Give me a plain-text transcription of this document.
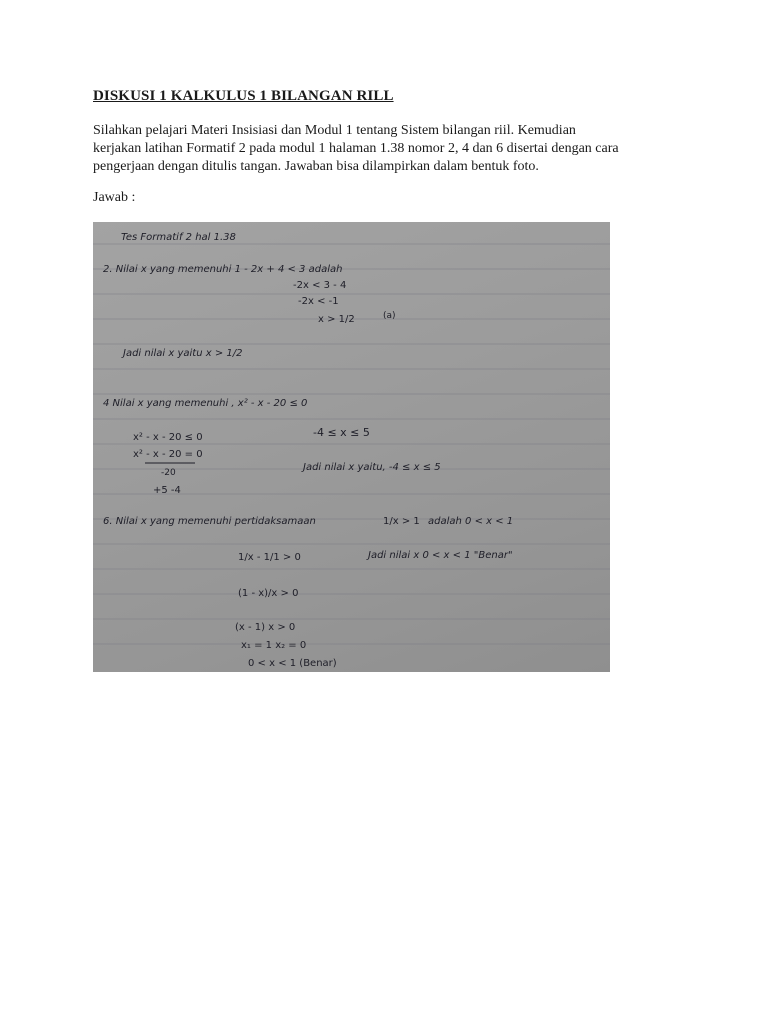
DISKUSI 1 KALKULUS 1 BILANGAN RILL
Silahkan pelajari Materi Insisiasi dan Modul 1 tentang Sistem bilangan riil. Kemudian
kerjakan latihan Formatif 2 pada modul 1 halaman 1.38 nomor 2, 4 dan 6 disertai dengan cara
pengerjaan dengan ditulis tangan. Jawaban bisa dilampirkan dalam bentuk foto.
Jawab :
Tes Formatif 2 hal 1.38
2. Nilai x yang memenuhi 1 - 2x + 4 < 3 adalah
-2x < 3 - 4
-2x < -1
x > 1/2	(a)
Jadi nilai x yaitu x > 1/2
4 Nilai x yang memenuhi , x² - x - 20 ≤ 0
x² - x - 20 ≤ 0
x² - x - 20 = 0
-20
+5 -4
-4 ≤ x ≤ 5
Jadi nilai x yaitu, -4 ≤ x ≤ 5
6. Nilai x yang memenuhi pertidaksamaan	1/x > 1 adalah 0 < x < 1
1/x - 1/1 > 0
(1 - x)/x > 0
(x - 1) x > 0
x₁ = 1 x₂ = 0
0 < x < 1 (Benar)
Jadi nilai x 0 < x < 1 "Benar"
